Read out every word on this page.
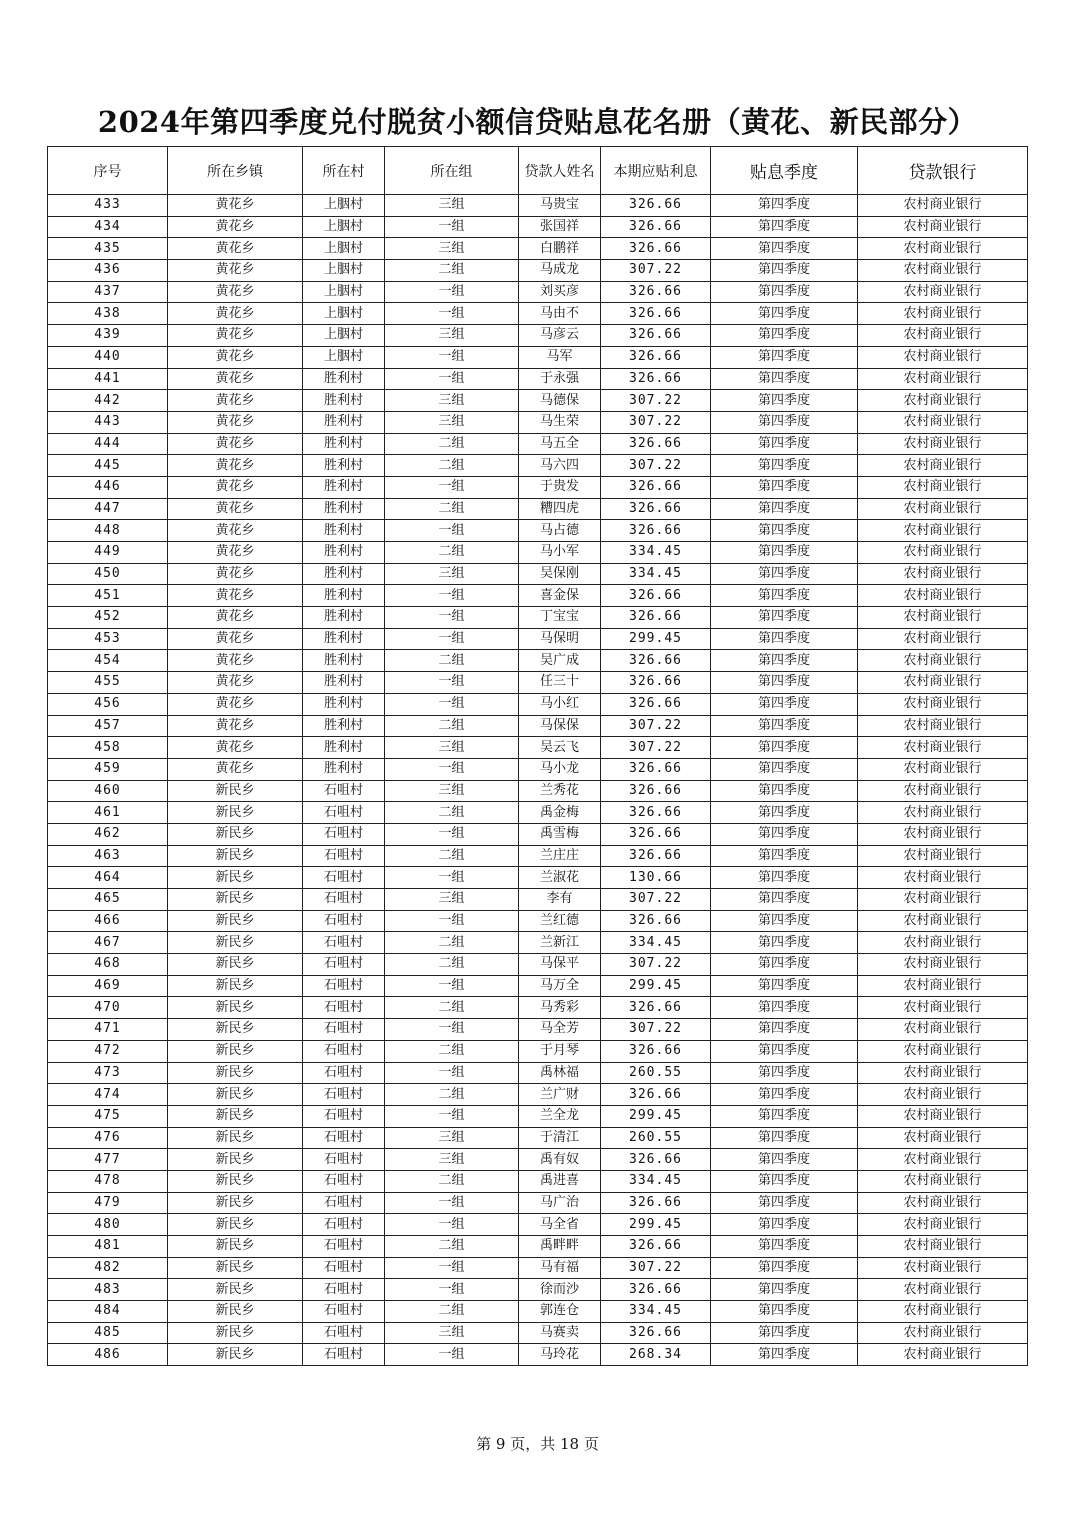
2024年第四季度兑付脱贫小额信贷贴息花名册（黄花、新民部分）
序号	所在乡镇	所在村	所在组	贷款人姓名	本期应贴利息	贴息季度	贷款银行
433	黄花乡	上胭村	三组	马贵宝	326.66	第四季度	农村商业银行
434	黄花乡	上胭村	一组	张国祥	326.66	第四季度	农村商业银行
435	黄花乡	上胭村	三组	白鹏祥	326.66	第四季度	农村商业银行
436	黄花乡	上胭村	二组	马成龙	307.22	第四季度	农村商业银行
437	黄花乡	上胭村	一组	刘买彦	326.66	第四季度	农村商业银行
438	黄花乡	上胭村	一组	马由不	326.66	第四季度	农村商业银行
439	黄花乡	上胭村	三组	马彦云	326.66	第四季度	农村商业银行
440	黄花乡	上胭村	一组	马军	326.66	第四季度	农村商业银行
441	黄花乡	胜利村	一组	于永强	326.66	第四季度	农村商业银行
442	黄花乡	胜利村	三组	马德保	307.22	第四季度	农村商业银行
443	黄花乡	胜利村	三组	马生荣	307.22	第四季度	农村商业银行
444	黄花乡	胜利村	二组	马五全	326.66	第四季度	农村商业银行
445	黄花乡	胜利村	二组	马六四	307.22	第四季度	农村商业银行
446	黄花乡	胜利村	一组	于贵发	326.66	第四季度	农村商业银行
447	黄花乡	胜利村	二组	糟四虎	326.66	第四季度	农村商业银行
448	黄花乡	胜利村	一组	马占德	326.66	第四季度	农村商业银行
449	黄花乡	胜利村	二组	马小军	334.45	第四季度	农村商业银行
450	黄花乡	胜利村	三组	吴保刚	334.45	第四季度	农村商业银行
451	黄花乡	胜利村	一组	喜金保	326.66	第四季度	农村商业银行
452	黄花乡	胜利村	一组	丁宝宝	326.66	第四季度	农村商业银行
453	黄花乡	胜利村	一组	马保明	299.45	第四季度	农村商业银行
454	黄花乡	胜利村	二组	吴广成	326.66	第四季度	农村商业银行
455	黄花乡	胜利村	一组	任三十	326.66	第四季度	农村商业银行
456	黄花乡	胜利村	一组	马小红	326.66	第四季度	农村商业银行
457	黄花乡	胜利村	二组	马保保	307.22	第四季度	农村商业银行
458	黄花乡	胜利村	三组	吴云飞	307.22	第四季度	农村商业银行
459	黄花乡	胜利村	一组	马小龙	326.66	第四季度	农村商业银行
460	新民乡	石咀村	三组	兰秀花	326.66	第四季度	农村商业银行
461	新民乡	石咀村	二组	禹金梅	326.66	第四季度	农村商业银行
462	新民乡	石咀村	一组	禹雪梅	326.66	第四季度	农村商业银行
463	新民乡	石咀村	二组	兰庄庄	326.66	第四季度	农村商业银行
464	新民乡	石咀村	一组	兰淑花	130.66	第四季度	农村商业银行
465	新民乡	石咀村	三组	李有	307.22	第四季度	农村商业银行
466	新民乡	石咀村	一组	兰红德	326.66	第四季度	农村商业银行
467	新民乡	石咀村	二组	兰新江	334.45	第四季度	农村商业银行
468	新民乡	石咀村	二组	马保平	307.22	第四季度	农村商业银行
469	新民乡	石咀村	一组	马万全	299.45	第四季度	农村商业银行
470	新民乡	石咀村	二组	马秀彩	326.66	第四季度	农村商业银行
471	新民乡	石咀村	一组	马全芳	307.22	第四季度	农村商业银行
472	新民乡	石咀村	二组	于月琴	326.66	第四季度	农村商业银行
473	新民乡	石咀村	一组	禹林福	260.55	第四季度	农村商业银行
474	新民乡	石咀村	二组	兰广财	326.66	第四季度	农村商业银行
475	新民乡	石咀村	一组	兰全龙	299.45	第四季度	农村商业银行
476	新民乡	石咀村	三组	于清江	260.55	第四季度	农村商业银行
477	新民乡	石咀村	三组	禹有奴	326.66	第四季度	农村商业银行
478	新民乡	石咀村	二组	禹进喜	334.45	第四季度	农村商业银行
479	新民乡	石咀村	一组	马广治	326.66	第四季度	农村商业银行
480	新民乡	石咀村	一组	马全省	299.45	第四季度	农村商业银行
481	新民乡	石咀村	二组	禹畔畔	326.66	第四季度	农村商业银行
482	新民乡	石咀村	一组	马有福	307.22	第四季度	农村商业银行
483	新民乡	石咀村	一组	徐而沙	326.66	第四季度	农村商业银行
484	新民乡	石咀村	二组	郭连仓	334.45	第四季度	农村商业银行
485	新民乡	石咀村	三组	马赛卖	326.66	第四季度	农村商业银行
486	新民乡	石咀村	一组	马玲花	268.34	第四季度	农村商业银行
第 9 页，共 18 页
